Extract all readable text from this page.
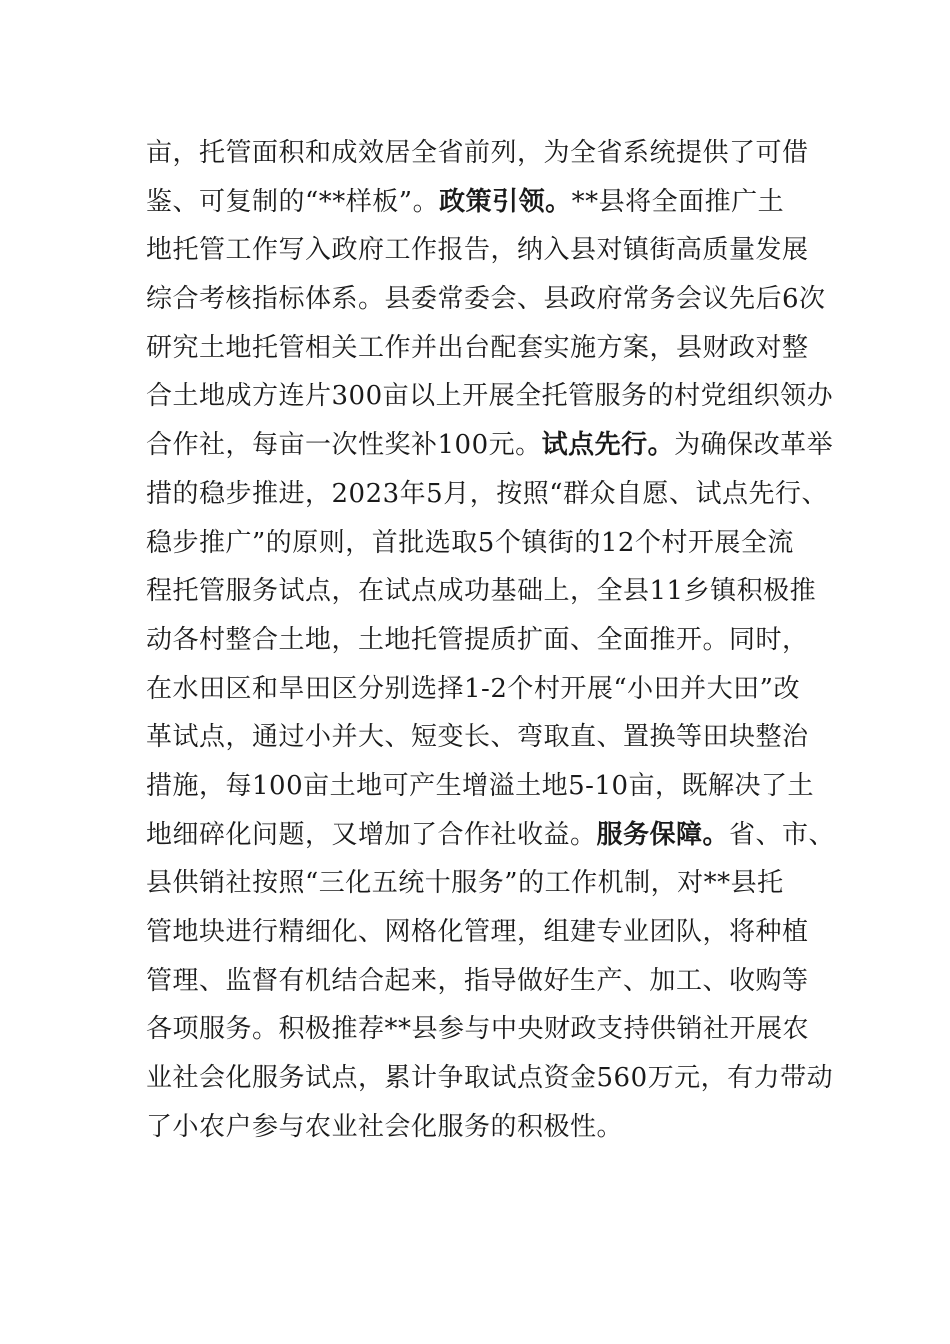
亩，托管面积和成效居全省前列，为全省系统提供了可借
鉴、可复制的“**样板”。政策引领。**县将全面推广土
地托管工作写入政府工作报告，纳入县对镇街高质量发展
综合考核指标体系。县委常委会、县政府常务会议先后6次
研究土地托管相关工作并出台配套实施方案，县财政对整
合土地成方连片300亩以上开展全托管服务的村党组织领办
合作社，每亩一次性奖补100元。试点先行。为确保改革举
措的稳步推进，2023年5月，按照“群众自愿、试点先行、
稳步推广”的原则，首批选取5个镇街的12个村开展全流
程托管服务试点，在试点成功基础上，全县11乡镇积极推
动各村整合土地，土地托管提质扩面、全面推开。同时，
在水田区和旱田区分别选择1-2个村开展“小田并大田”改
革试点，通过小并大、短变长、弯取直、置换等田块整治
措施，每100亩土地可产生增溢土地5-10亩，既解决了土
地细碎化问题，又增加了合作社收益。服务保障。省、市、
县供销社按照“三化五统十服务”的工作机制，对**县托
管地块进行精细化、网格化管理，组建专业团队，将种植
管理、监督有机结合起来，指导做好生产、加工、收购等
各项服务。积极推荐**县参与中央财政支持供销社开展农
业社会化服务试点，累计争取试点资金560万元，有力带动
了小农户参与农业社会化服务的积极性。
